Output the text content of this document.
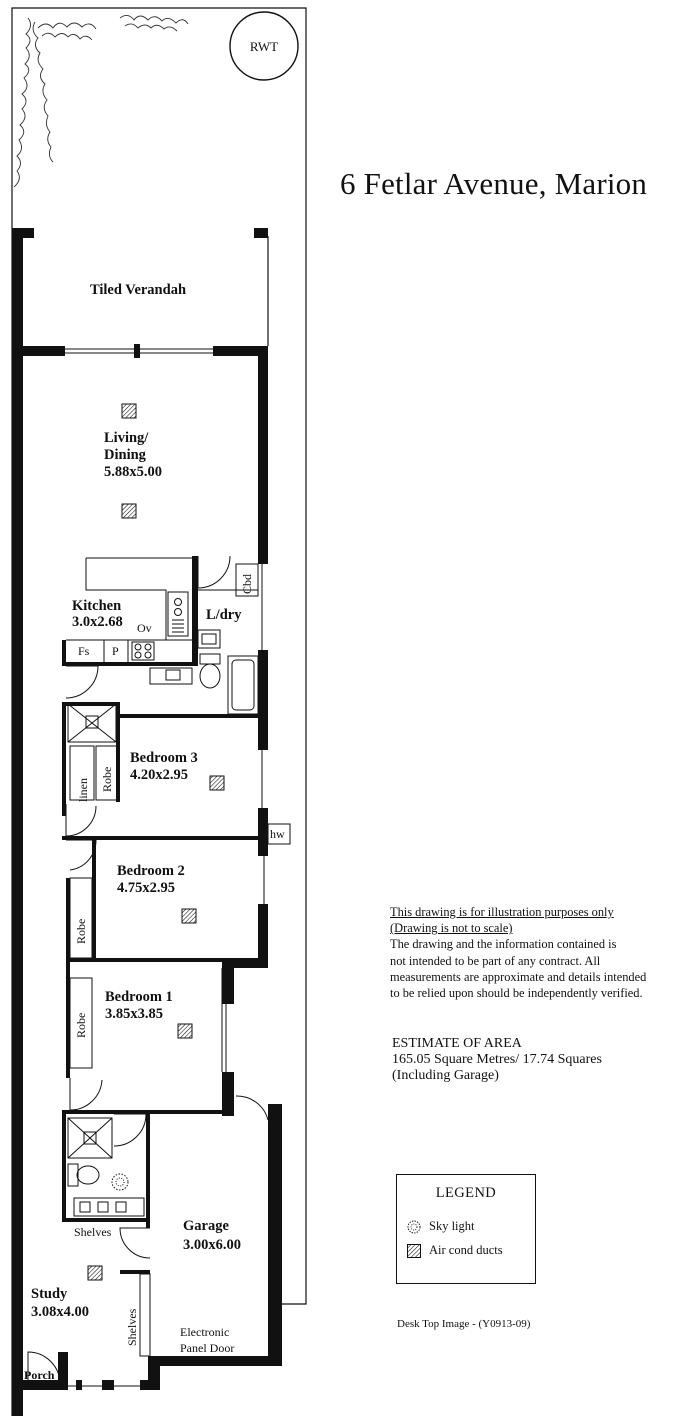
RWT
Tiled Verandah
Living/
Dining
5.88x5.00
Kitchen
3.0x2.68	L/dry
Bedroom 3
4.20x2.95
Bedroom 2
4.75x2.95
Bedroom 1
3.85x3.85
Garage
3.00x6.00
Study
3.08x4.00
Ov
Fs P
Cbd
linen Robe
hw
Robe
Robe
Shelves
Shelves	Electronic
Panel Door
Porch
6 Fetlar Avenue, Marion
This drawing is for illustration purposes only
(Drawing is not to scale)
The drawing and the information contained is
not intended to be part of any contract. All
measurements are approximate and details intended
to be relied upon should be independently verified.
ESTIMATE OF AREA
165.05 Square Metres/ 17.74 Squares
(Including Garage)
LEGEND
Sky light
Air cond ducts
Desk Top Image - (Y0913-09)
